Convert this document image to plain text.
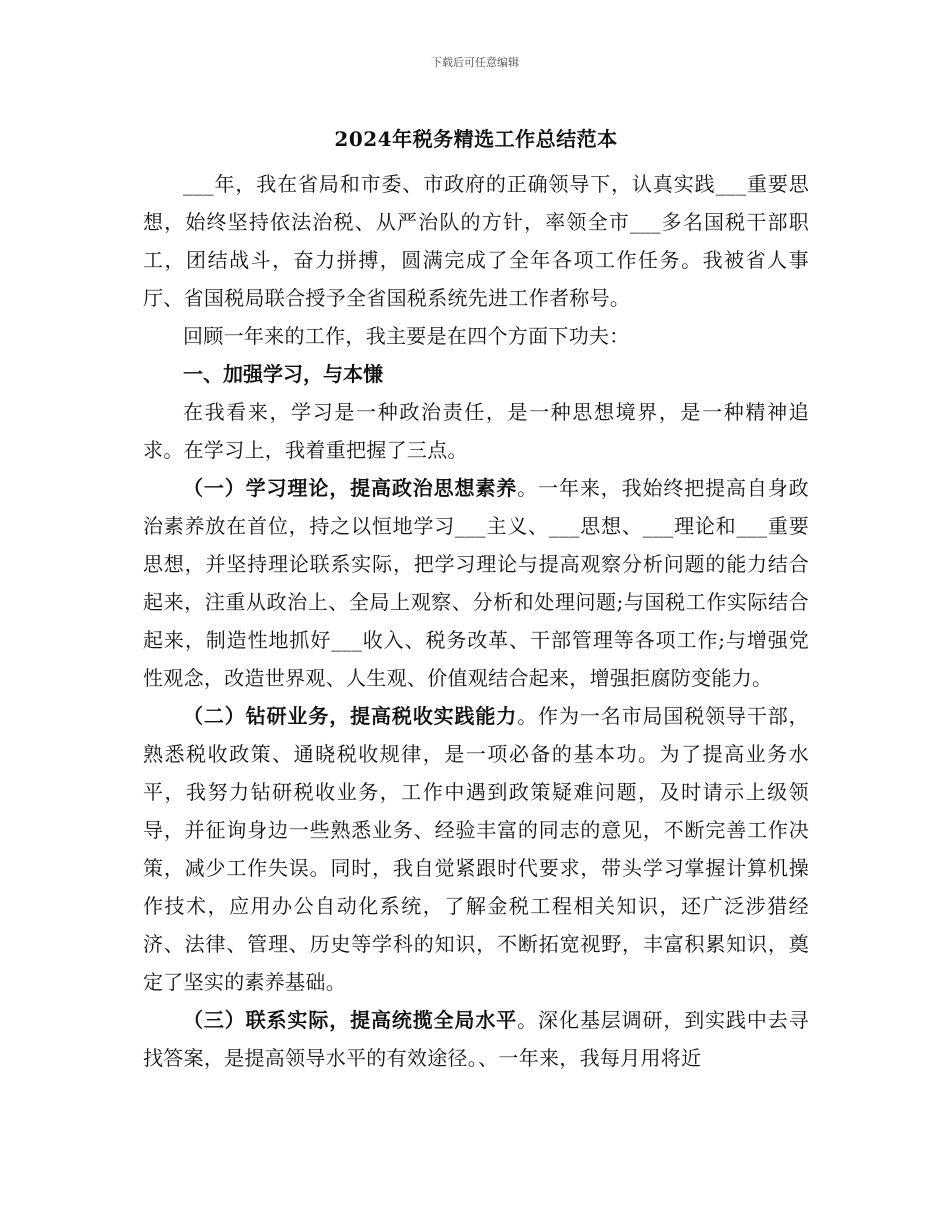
下载后可任意编辑
2024年税务精选工作总结范本

___年，我在省局和市委、市政府的正确领导下，认真实践___重要思想，始终坚持依法治税、从严治队的方针，率领全市___多名国税干部职工，团结战斗，奋力拼搏，圆满完成了全年各项工作任务。我被省人事厅、省国税局联合授予全省国税系统先进工作者称号。

回顾一年来的工作，我主要是在四个方面下功夫：

一、加强学习，与本慊

在我看来，学习是一种政治责任，是一种思想境界，是一种精神追求。在学习上，我着重把握了三点。

（一）学习理论，提高政治思想素养。一年来，我始终把提高自身政治素养放在首位，持之以恒地学习___主义、___思想、___理论和___重要思想，并坚持理论联系实际，把学习理论与提高观察分析问题的能力结合起来，注重从政治上、全局上观察、分析和处理问题;与国税工作实际结合起来，制造性地抓好___收入、税务改革、干部管理等各项工作;与增强党性观念，改造世界观、人生观、价值观结合起来，增强拒腐防变能力。

（二）钻研业务，提高税收实践能力。作为一名市局国税领导干部，熟悉税收政策、通晓税收规律，是一项必备的基本功。为了提高业务水平，我努力钻研税收业务，工作中遇到政策疑难问题，及时请示上级领导，并征询身边一些熟悉业务、经验丰富的同志的意见，不断完善工作决策，减少工作失误。同时，我自觉紧跟时代要求，带头学习掌握计算机操作技术，应用办公自动化系统，了解金税工程相关知识，还广泛涉猎经济、法律、管理、历史等学科的知识，不断拓宽视野，丰富积累知识，奠定了坚实的素养基础。

（三）联系实际，提高统揽全局水平。深化基层调研，到实践中去寻找答案，是提高领导水平的有效途径。、一年来，我每月用将近
